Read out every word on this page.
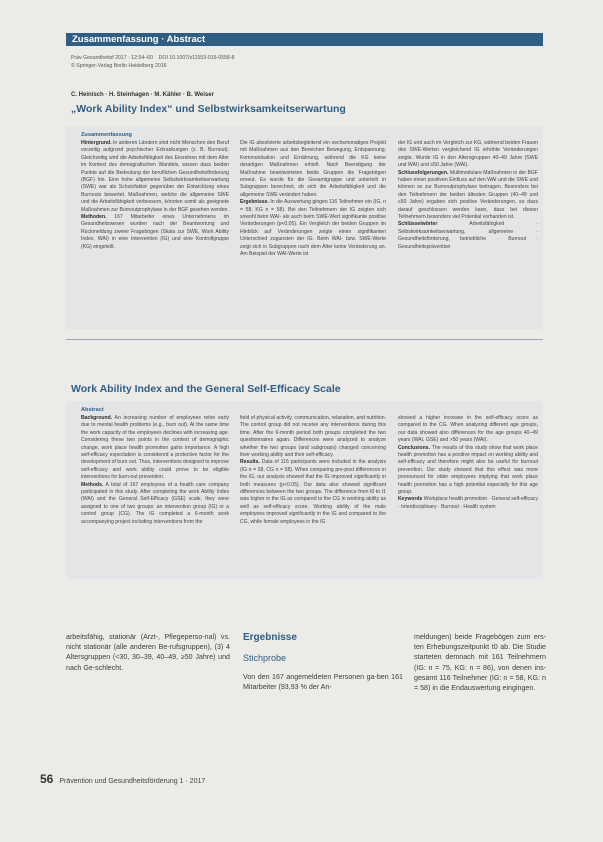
Zusammenfassung · Abstract
Präv Gesundheitsf 2017 · 12:54–60 DOI 10.1007/s11553-016-0558-8
© Springer-Verlag Berlin Heidelberg 2016
C. Heinisch · H. Steinhagen · M. Kähler · B. Weiser
„Work Ability Index“ und Selbstwirksamkeitserwartung
Zusammenfassung
Hintergrund. In anderen Ländern sind nicht Menschen den Beruf vorzeitig aufgrund psychischer Erkrankungen (z. B. Burnout). Gleichzeitig wird die Arbeitsfähigkeit des Einzelnen mit dem Alter im Kontext des demografischen Wandels, wissen dass beiden Punkte auf die Bedeutung der beruflichen Gesundheitsförderung (BGF) hin. Eine hohe allgemeine Selbstwirksamkeitserwartung (SWE) war als Schutzfaktor gegenüber der Entwicklung eines Burnouts bewertet. Maßnahmen, welche die allgemeine SWE und die Arbeitsfähigkeit verbessern, könnten somit als geeignete Maßnahmen zur Burnoutprophylaxe in der BGF gesehen werden.
Methoden. 167 Mitarbeiter eines Unternehmens im Gesundheitswesen wurden nach der Beantwortung und Rückmeldung zweier Fragebögen (Skala zur SWE, Work Ability Index, WAI) in eine Intervention (IG) und eine Kontrollgruppe (KG) eingeteilt.
Die IG absolvierte arbeitsbegleitend ein sechsmonatiges Projekt mit Maßnahmen aus den Bereichen Bewegung, Entspannung, Kommunikation und Ernährung, während die KG keine derartigen Maßnahmen erhielt. Nach Beendigung der Maßnahme beantworteten beide Gruppen die Fragebögen erneut. Es wurde für die Gesamtgruppe und unterteilt in Subgruppen berechnet, ob sich die Arbeitsfähigkeit und die allgemeine SWE verändert haben.
Ergebnisse. In die Auswertung gingen 116 Teilnehmer ein (IG, n = 58, KG n = 58). Bei den Teilnehmern der IG zeigten sich sowohl beim WAI- als auch beim SWE-Wert signifikante positive Veränderungen (p<0,05). Ein Vergleich der beiden Gruppen im Hinblick auf Veränderungen zeigte einen signifikanten Unterschied zugunsten der IG. Beim WAI- bzw. SWE-Werte zeigt sich in Subgruppen nach dem Alter keine Veränderung an. Am Beispiel der WAI-Werte ist
der IG und auch im Vergleich zur KG, während beiden Frauen des SWE-Werten vergleichend IG erhöhte Veränderungen zeigte. Wurde IG in den Altersgruppen 40–49 Jahre (SWE und WAI) und ≥50 Jahre (WAI).
Schlussfolgerungen. Multimodulare Maßnahmen in der BGF haben einen positiven Einfluss auf den WAI und die SWE und können so zur Burnoutprophylaxe beitragen. Besonders bei den Teilnehmern der beiden ältesten Gruppen (40–49 und ≥50 Jahre) ergaben sich positive Veränderungen, so dass darauf geschlossen werden kann, dass bei diesen Teilnehmern besonders viel Potential vorhanden ist.
Schlüsselwörter Arbeitsfähigkeit · Selbstwirksamkeitserwartung, allgemeine · Gesundheitsförderung, betriebliche · Burnout · Gesundheitsprävention
Work Ability Index and the General Self-Efficacy Scale
Abstract
Background. An increasing number of employees retire early due to mental health problems (e.g., burn out). At the same time the work capacity of the employees declines with increasing age. Considering these two points in the context of demographic change, work place health promotion gains importance. A high self-efficacy expectation is considered a protective factor for the development of burn out. Thus, interventions designed to improve self-efficacy and work ability could prove to be eligible interventions for burn-out prevention.
Methods. A total of 167 employees of a health care company participated in this study. After completing the work Ability Index (WAI) and the General Self-Efficacy (GSE) scale, they were assigned to one of two groups: an intervention group (IG) or a control group (CG). The IG completed a 6-month work accompanying project including interventions from the
field of physical activity, communication, relaxation, and nutrition. The control group did not receive any interventions during this time. After the 6-month period both groups completed the two questionnaires again. Differences were analyzed to analyze whether the two groups (and subgroups) changed concerning their working ability and their self-efficacy.
Results. Data of 116 participants were included in the analysis (IG n = 58, CG n = 58). When comparing pre-post differences in the IG, our analysis showed that the IG improved significantly in both measures (p<0.05). Our data also showed significant differences between the two groups. The difference from t0 to t1 was higher in the IG as compared to the CG in working ability as well as self-efficacy score. Working ability of the male employees improved significantly in the IG and compared to the CG, while female employees in the IG
showed a higher increase in the self-efficacy score as compared to the CG. When analyzing different age groups, our data showed also differences for the age groups 40–49 years (WAI, GSE) and >50 years (WAI).
Conclusions. The results of this study show that work place health promotion has a positive impact on working ability and self-efficacy and therefore might also be useful for burnout prevention. Our study showed that this effect was more pronounced for older employees implying that work place health promotion has a high potential especially for this age group.
Keywords Workplace health promotion · General self-efficacy · Interdisciplinary · Burnout · Health system
arbeitsfähig, stationär (Arzt-, Pflegeperso-nal) vs. nicht stationär (alle anderen Be-rufsgruppen), (3) 4 Altersgruppen (<30, 30–39, 40–49, ≥50 Jahre) und nach Ge-schlecht.
Ergebnisse
Stichprobe
Von den 167 angemeldeten Personen ga-ben 161 Mitarbeiter (93,93 % der An-
meldungen) beide Fragebögen zum ers-ten Erhebungszeitpunkt t0 ab. Die Studie starteten demnach mit 161 Teilnehmern (IG: n = 75, KG: n = 86), von denen ins-gesamt 116 Teilnehmer (IG: n = 58, KG: n = 58) in die Endauswertung eingingen.
56 Prävention und Gesundheitsförderung 1 · 2017
